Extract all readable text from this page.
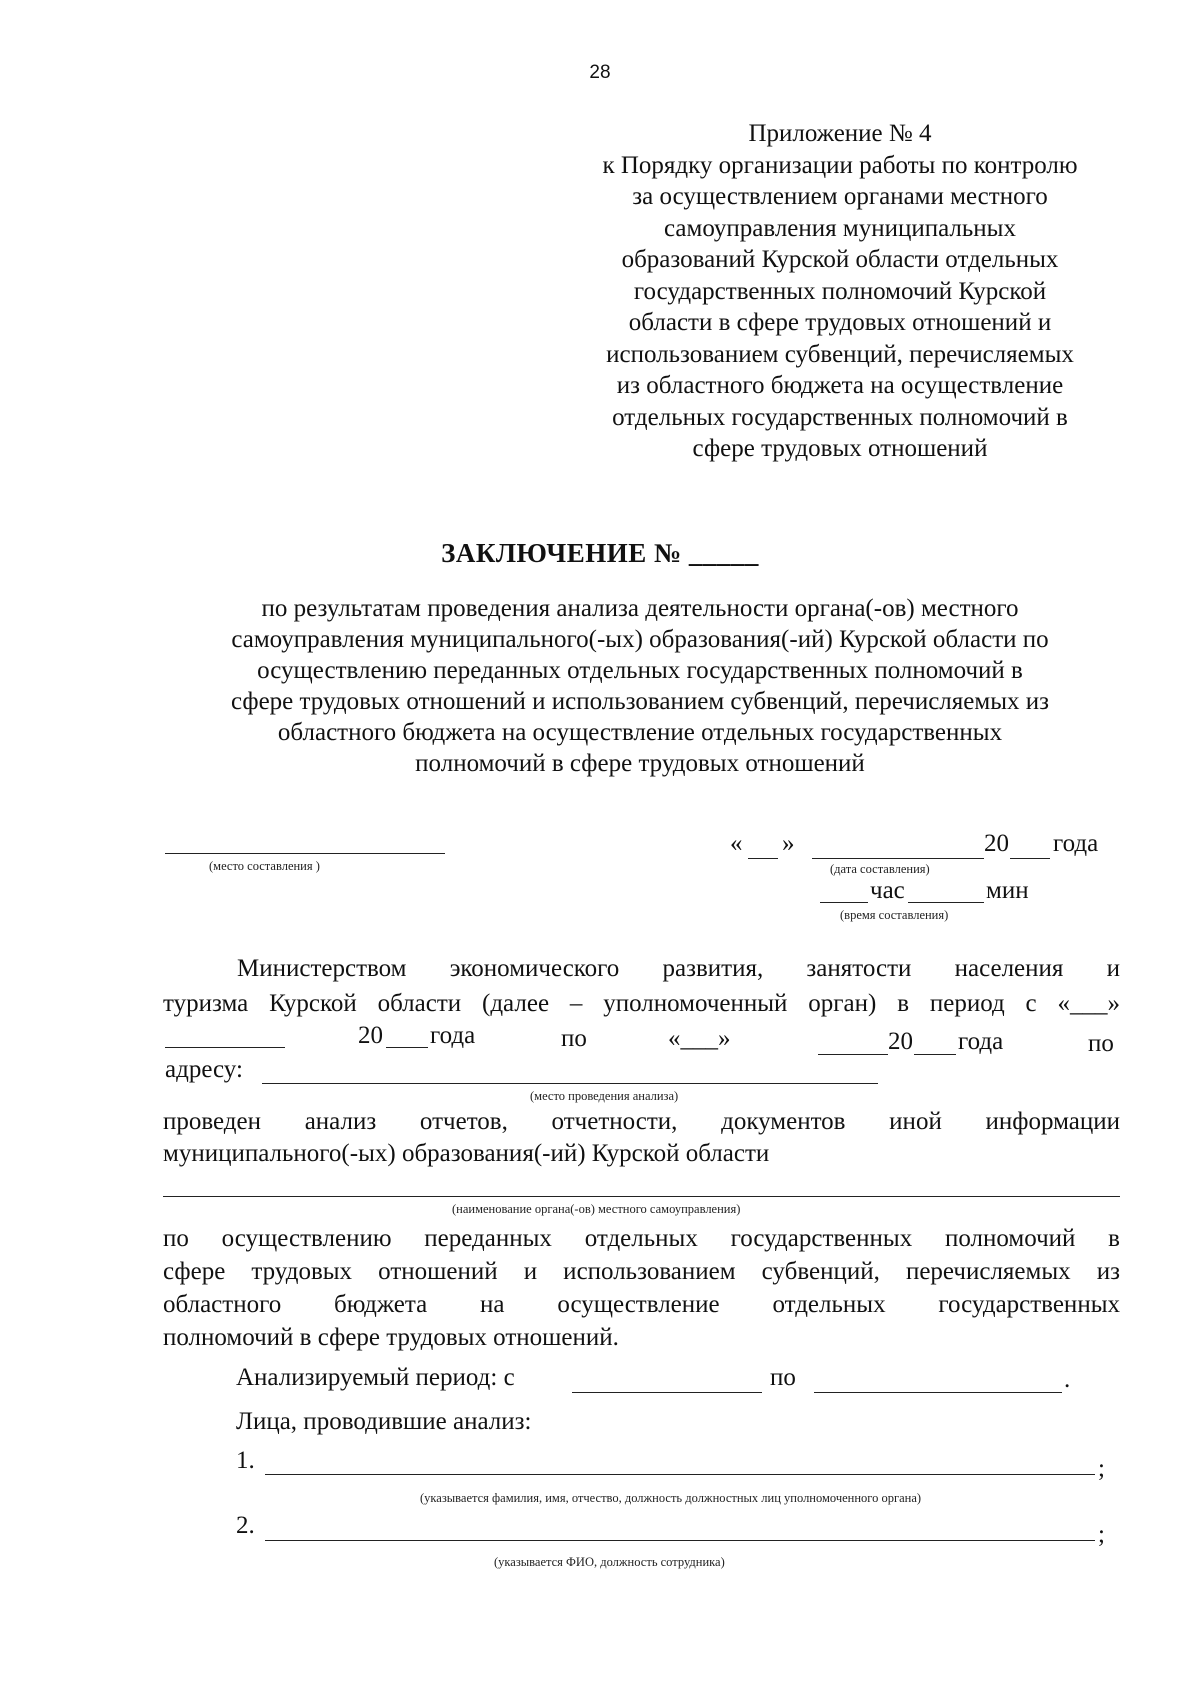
28
Приложение № 4
к Порядку организации работы по контролю
за осуществлением органами местного
самоуправления муниципальных
образований Курской области отдельных
государственных полномочий Курской
области в сфере трудовых отношений и
использованием субвенций, перечисляемых
из областного бюджета на осуществление
отдельных государственных полномочий в
сфере трудовых отношений
ЗАКЛЮЧЕНИЕ № _____
по результатам проведения анализа деятельности органа(-ов) местного
самоуправления муниципального(-ых) образования(-ий) Курской области по
осуществлению переданных отдельных государственных полномочий в
сфере трудовых отношений и использованием субвенций, перечисляемых из
областного бюджета на осуществление отдельных государственных
полномочий в сфере трудовых отношений
(место составления )
« »	20 года
(дата составления)
час	мин
(время составления)
Министерством экономического развития, занятости населения и
туризма Курской области (далее – уполномоченный орган) в период с «___»
20 года	по	«___»	20 года	по
адресу:
(место проведения анализа)
проведен анализ отчетов, отчетности, документов иной информации
муниципального(-ых) образования(-ий) Курской области
(наименование органа(-ов) местного самоуправления)
по осуществлению переданных отдельных государственных полномочий в
сфере трудовых отношений и использованием субвенций, перечисляемых из
областного бюджета на осуществление отдельных государственных
полномочий в сфере трудовых отношений.
Анализируемый период: с	по	.
Лица, проводившие анализ:
1.	;
(указывается фамилия, имя, отчество, должность должностных лиц уполномоченного органа)
2.	;
(указывается ФИО, должность сотрудника)
